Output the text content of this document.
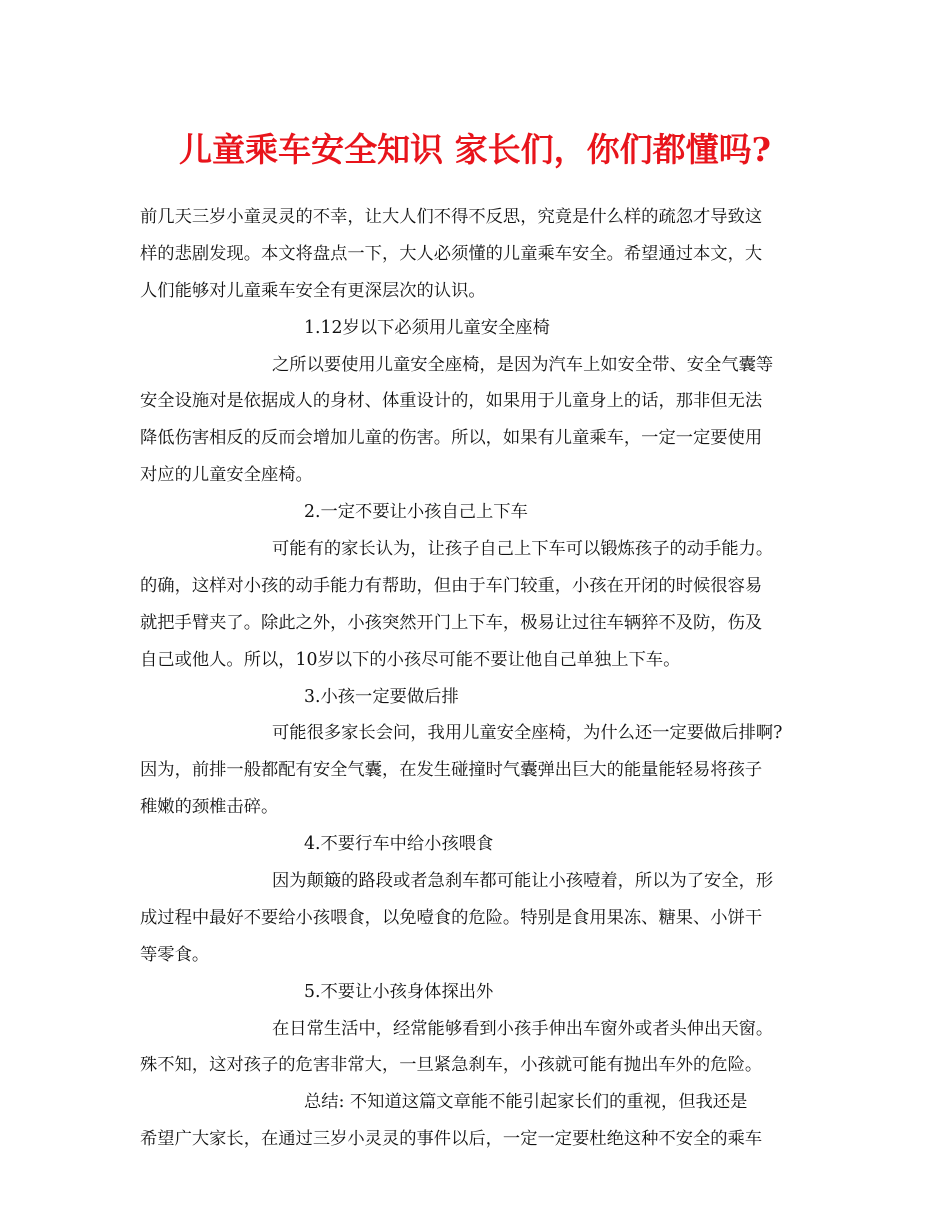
儿童乘车安全知识 家长们，你们都懂吗?
前几天三岁小童灵灵的不幸，让大人们不得不反思，究竟是什么样的疏忽才导致这
样的悲剧发现。本文将盘点一下，大人必须懂的儿童乘车安全。希望通过本文，大
人们能够对儿童乘车安全有更深层次的认识。
1.12岁以下必须用儿童安全座椅
之所以要使用儿童安全座椅，是因为汽车上如安全带、安全气囊等
安全设施对是依据成人的身材、体重设计的，如果用于儿童身上的话，那非但无法
降低伤害相反的反而会增加儿童的伤害。所以，如果有儿童乘车，一定一定要使用
对应的儿童安全座椅。
2.一定不要让小孩自己上下车
可能有的家长认为，让孩子自己上下车可以锻炼孩子的动手能力。
的确，这样对小孩的动手能力有帮助，但由于车门较重，小孩在开闭的时候很容易
就把手臂夹了。除此之外，小孩突然开门上下车，极易让过往车辆猝不及防，伤及
自己或他人。所以，10岁以下的小孩尽可能不要让他自己单独上下车。
3.小孩一定要做后排
可能很多家长会问，我用儿童安全座椅，为什么还一定要做后排啊?
因为，前排一般都配有安全气囊，在发生碰撞时气囊弹出巨大的能量能轻易将孩子
稚嫩的颈椎击碎。
4.不要行车中给小孩喂食
因为颠簸的路段或者急刹车都可能让小孩噎着，所以为了安全，形
成过程中最好不要给小孩喂食，以免噎食的危险。特别是食用果冻、糖果、小饼干
等零食。
5.不要让小孩身体探出外
在日常生活中，经常能够看到小孩手伸出车窗外或者头伸出天窗。
殊不知，这对孩子的危害非常大，一旦紧急刹车，小孩就可能有抛出车外的危险。
总结: 不知道这篇文章能不能引起家长们的重视，但我还是
希望广大家长，在通过三岁小灵灵的事件以后，一定一定要杜绝这种不安全的乘车
